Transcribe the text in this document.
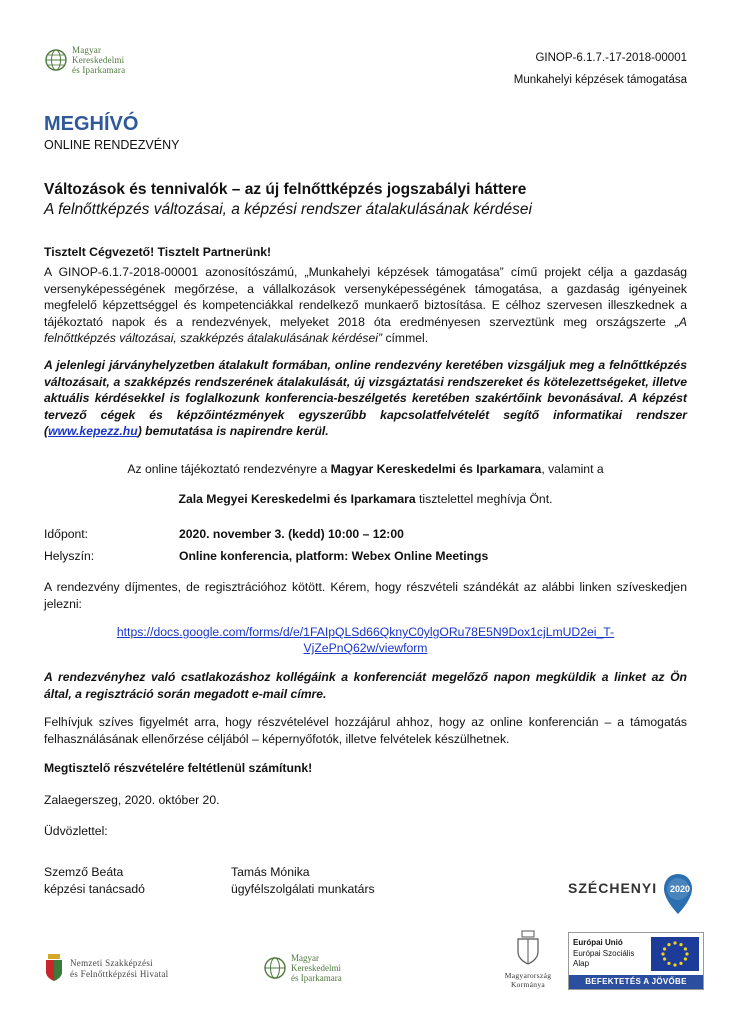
Magyar
Kereskedelmi
és Iparkamara
GINOP-6.1.7.-17-2018-00001
Munkahelyi képzések támogatása
MEGHÍVÓ
ONLINE RENDEZVÉNY
Változások és tennivalók – az új felnőttképzés jogszabályi háttere
A felnőttképzés változásai, a képzési rendszer átalakulásának kérdései
Tisztelt Cégvezető! Tisztelt Partnerünk!
A GINOP-6.1.7-2018-00001 azonosítószámú, „Munkahelyi képzések támogatása” című projekt célja a gazdaság versenyképességének megőrzése, a vállalkozások versenyképességének támogatása, a gazdaság igényeinek megfelelő képzettséggel és kompetenciákkal rendelkező munkaerő biztosítása. E célhoz szervesen illeszkednek a tájékoztató napok és a rendezvények, melyeket 2018 óta eredményesen szerveztünk meg országszerte „A felnőttképzés változásai, szakképzés átalakulásának kérdései” címmel.
A jelenlegi járványhelyzetben átalakult formában, online rendezvény keretében vizsgáljuk meg a felnőttképzés változásait, a szakképzés rendszerének átalakulását, új vizsgáztatási rendszereket és kötelezettségeket, illetve aktuális kérdésekkel is foglalkozunk konferencia-beszélgetés keretében szakértőink bevonásával. A képzést tervező cégek és képzőintézmények egyszerűbb kapcsolatfelvételét segítő informatikai rendszer (www.kepezz.hu) bemutatása is napirendre kerül.
Az online tájékoztató rendezvényre a Magyar Kereskedelmi és Iparkamara, valamint a
Zala Megyei Kereskedelmi és Iparkamara tisztelettel meghívja Önt.
Időpont:	2020. november 3. (kedd) 10:00 – 12:00
Helyszín:	Online konferencia, platform: Webex Online Meetings
A rendezvény díjmentes, de regisztrációhoz kötött. Kérem, hogy részvételi szándékát az alábbi linken szíveskedjen jelezni:
https://docs.google.com/forms/d/e/1FAIpQLSd66QknyC0ylgORu78E5N9Dox1cjLmUD2ei_T-
VjZePnQ62w/viewform
A rendezvényhez való csatlakozáshoz kollégáink a konferenciát megelőző napon megküldik a linket az Ön által, a regisztráció során megadott e-mail címre.
Felhívjuk szíves figyelmét arra, hogy részvételével hozzájárul ahhoz, hogy az online konferencián – a támogatás felhasználásának ellenőrzése céljából – képernyőfotók, illetve felvételek készülhetnek.
Megtisztelő részvételére feltétlenül számítunk!
Zalaegerszeg, 2020. október 20.
Üdvözlettel:
Szemző Beáta
képzési tanácsadó
Tamás Mónika
ügyfélszolgálati munkatárs	SZÉCHENYI 2020
Európai Unió
Európai Szociális
Alap
BEFEKTETÉS A JÖVŐBE
Nemzeti Szakképzési
és Felnőttképzési Hivatal
Magyar
Kereskedelmi
és Iparkamara	Magyarország
Kormánya
